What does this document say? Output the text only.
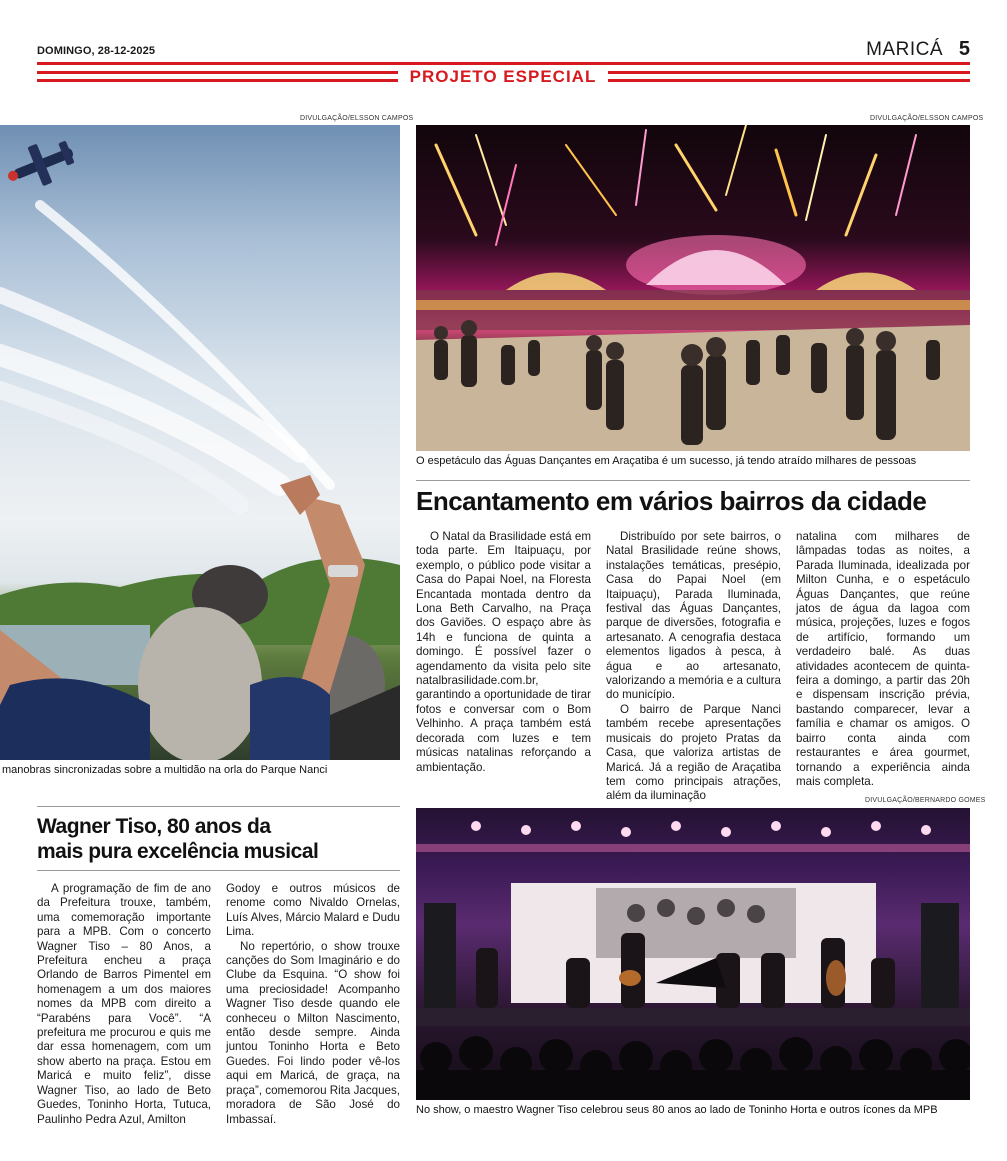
DOMINGO, 28-12-2025	MARICÁ 5
PROJETO ESPECIAL
DIVULGAÇÃO/ELSSON CAMPOS
manobras sincronizadas sobre a multidão na orla do Parque Nanci
DIVULGAÇÃO/ELSSON CAMPOS
O espetáculo das Águas Dançantes em Araçatiba é um sucesso, já tendo atraído milhares de pessoas
Encantamento em vários bairros da cidade

O Natal da Brasilidade está em toda parte. Em Itaipuaçu, por exemplo, o público pode visitar a Casa do Papai Noel, na Floresta Encantada montada dentro da Lona Beth Carvalho, na Praça dos Gaviões. O espaço abre às 14h e funciona de quinta a domingo. É possível fazer o agendamento da visita pelo site natalbrasilidade.com.br, garantindo a oportunidade de tirar fotos e conversar com o Bom Velhinho. A praça também está decorada com luzes e tem músicas natalinas reforçando a ambientação.

Distribuído por sete bairros, o Natal Brasilidade reúne shows, instalações temáticas, presépio, Casa do Papai Noel (em Itaipuaçu), Parada Iluminada, festival das Águas Dançantes, parque de diversões, fotografia e artesanato. A cenografia destaca elementos ligados à pesca, à água e ao artesanato, valorizando a memória e a cultura do município.

O bairro de Parque Nanci também recebe apresentações musicais do projeto Pratas da Casa, que valoriza artistas de Maricá. Já a região de Araçatiba tem como principais atrações, além da iluminação

natalina com milhares de lâmpadas todas as noites, a Parada Iluminada, idealizada por Milton Cunha, e o espetáculo Águas Dançantes, que reúne jatos de água da lagoa com música, projeções, luzes e fogos de artifício, formando um verdadeiro balé. As duas atividades acontecem de quinta-feira a domingo, a partir das 20h e dispensam inscrição prévia, bastando comparecer, levar a família e chamar os amigos. O bairro conta ainda com restaurantes e área gourmet, tornando a experiência ainda mais completa.

Wagner Tiso, 80 anos da
mais pura excelência musical

A programação de fim de ano da Prefeitura trouxe, também, uma comemoração importante para a MPB. Com o concerto Wagner Tiso – 80 Anos, a Prefeitura encheu a praça Orlando de Barros Pimentel em homenagem a um dos maiores nomes da MPB com direito a “Parabéns para Você”. “A prefeitura me procurou e quis me dar essa homenagem, com um show aberto na praça. Estou em Maricá e muito feliz”, disse Wagner Tiso, ao lado de Beto Guedes, Toninho Horta, Tutuca, Paulinho Pedra Azul, Amilton

Godoy e outros músicos de renome como Nivaldo Ornelas, Luís Alves, Márcio Malard e Dudu Lima.

No repertório, o show trouxe canções do Som Imaginário e do Clube da Esquina. “O show foi uma preciosidade! Acompanho Wagner Tiso desde quando ele conheceu o Milton Nascimento, então desde sempre. Ainda juntou Toninho Horta e Beto Guedes. Foi lindo poder vê-los aqui em Maricá, de graça, na praça”, comemorou Rita Jacques, moradora de São José do Imbassaí.

DIVULGAÇÃO/BERNARDO GOMES
No show, o maestro Wagner Tiso celebrou seus 80 anos ao lado de Toninho Horta e outros ícones da MPB
